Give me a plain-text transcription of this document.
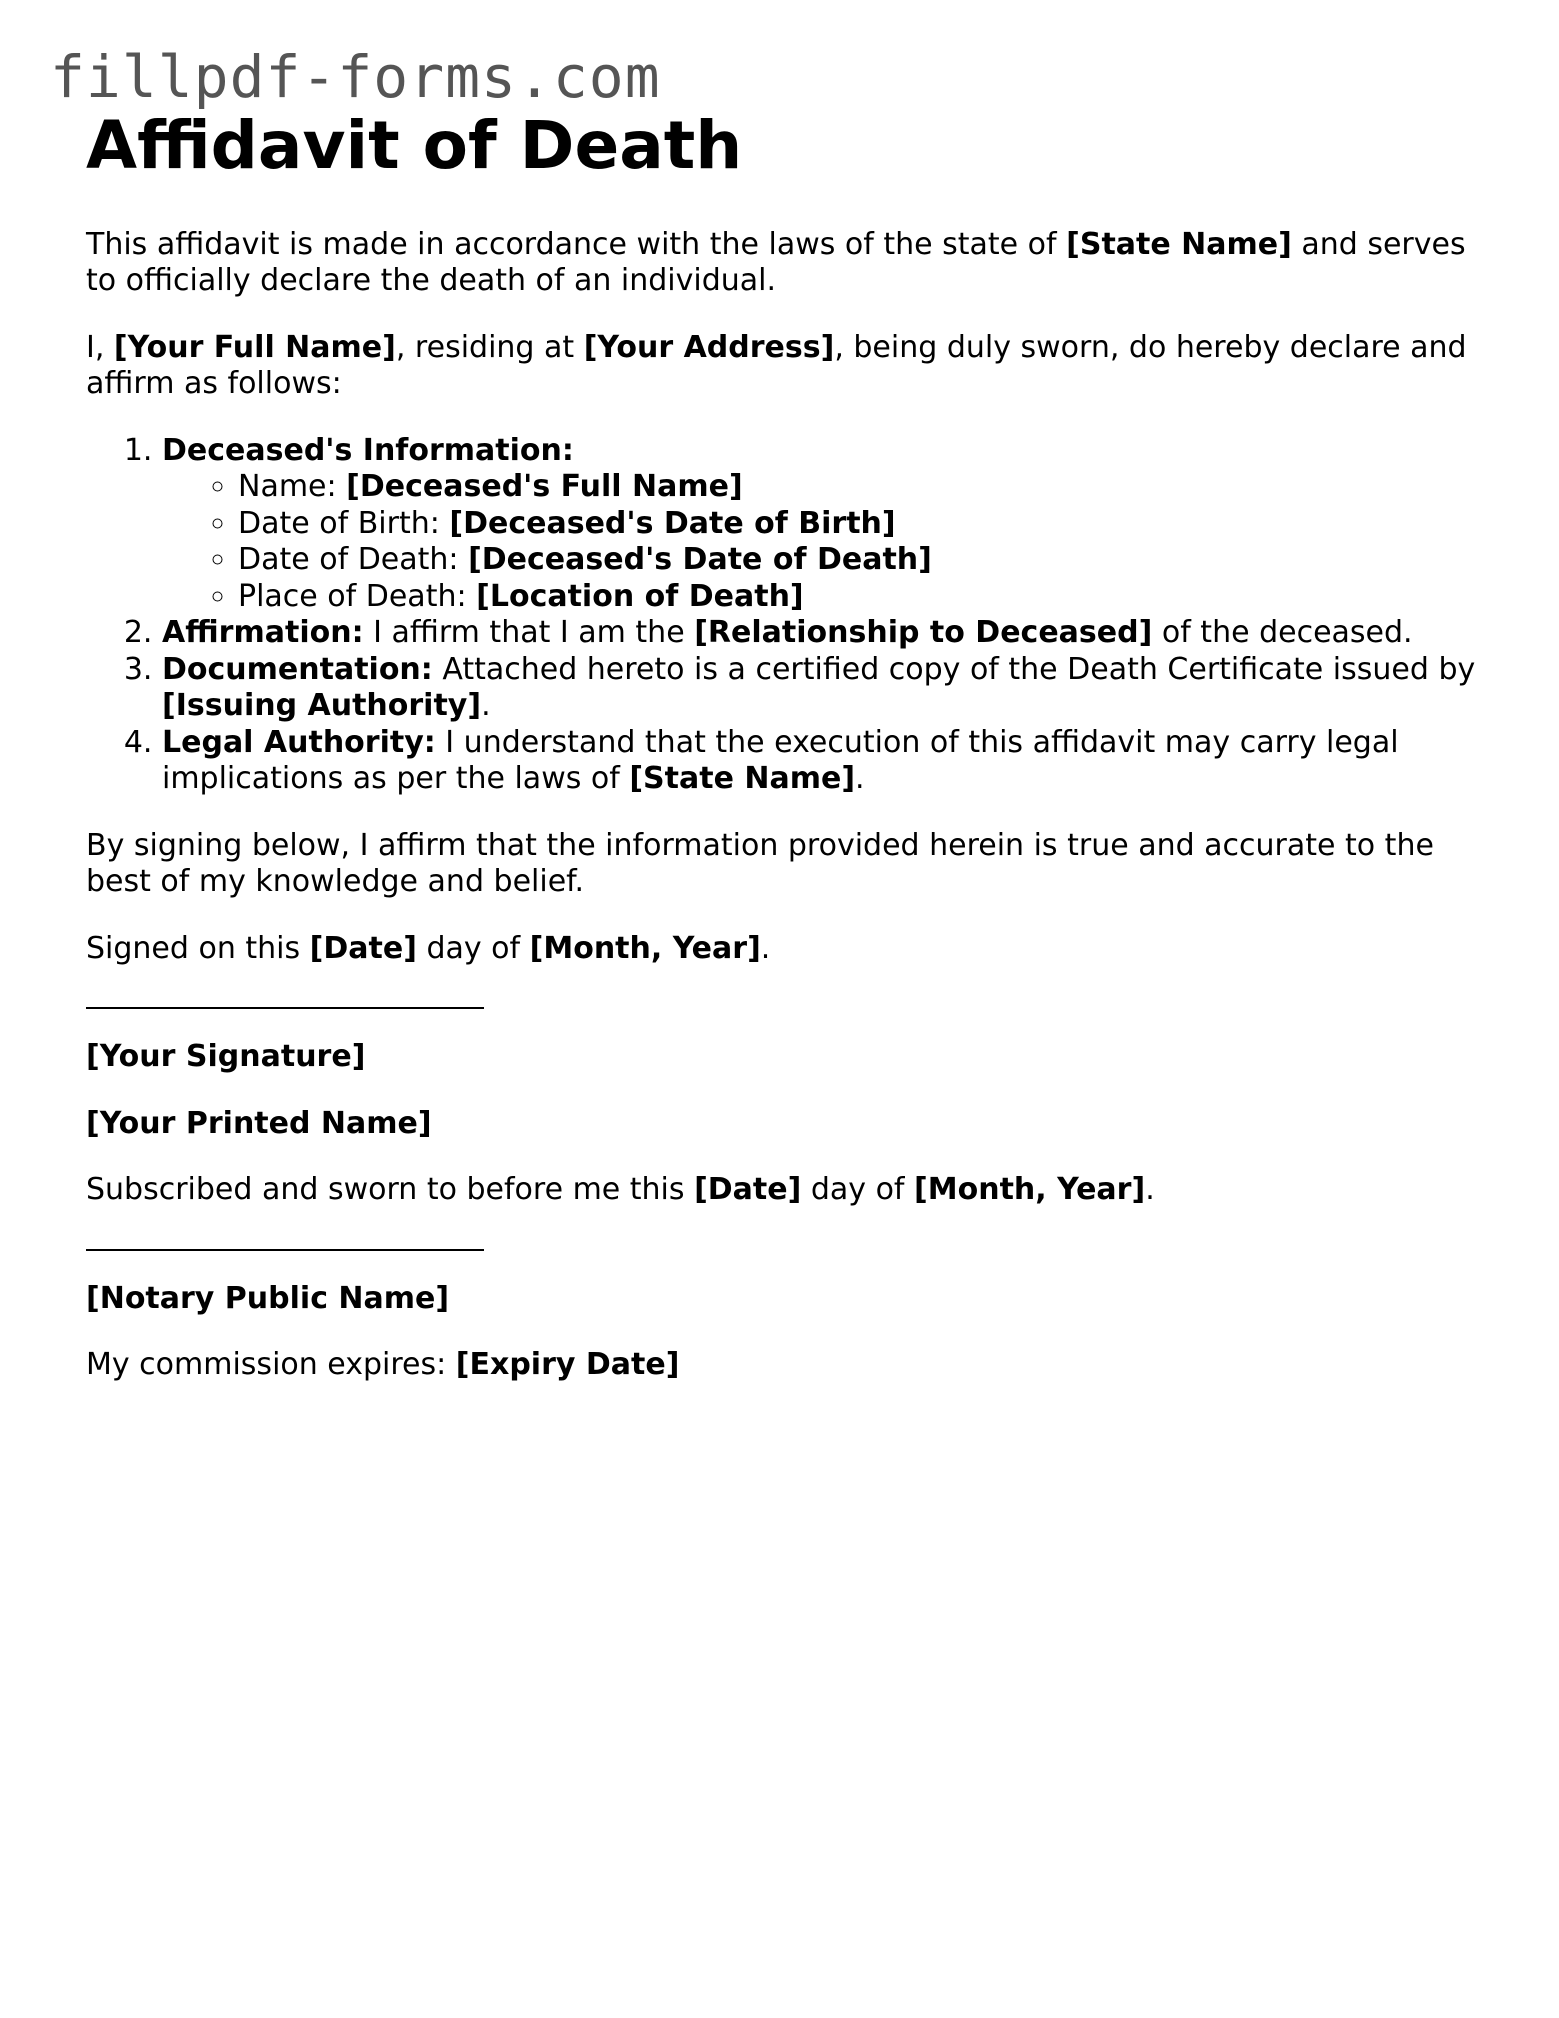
fillpdf-forms.com
Affidavit of Death

This affidavit is made in accordance with the laws of the state of [State Name] and serves to officially declare the death of an individual.

I, [Your Full Name], residing at [Your Address], being duly sworn, do hereby declare and affirm as follows:

1. Deceased's Information:
◦ Name: [Deceased's Full Name]
◦ Date of Birth: [Deceased's Date of Birth]
◦ Date of Death: [Deceased's Date of Death]
◦ Place of Death: [Location of Death]
2. Affirmation: I affirm that I am the [Relationship to Deceased] of the deceased.
3. Documentation: Attached hereto is a certified copy of the Death Certificate issued by [Issuing Authority].
4. Legal Authority: I understand that the execution of this affidavit may carry legal implications as per the laws of [State Name].

By signing below, I affirm that the information provided herein is true and accurate to the best of my knowledge and belief.

Signed on this [Date] day of [Month, Year].

[Your Signature]

[Your Printed Name]

Subscribed and sworn to before me this [Date] day of [Month, Year].

[Notary Public Name]

My commission expires: [Expiry Date]
